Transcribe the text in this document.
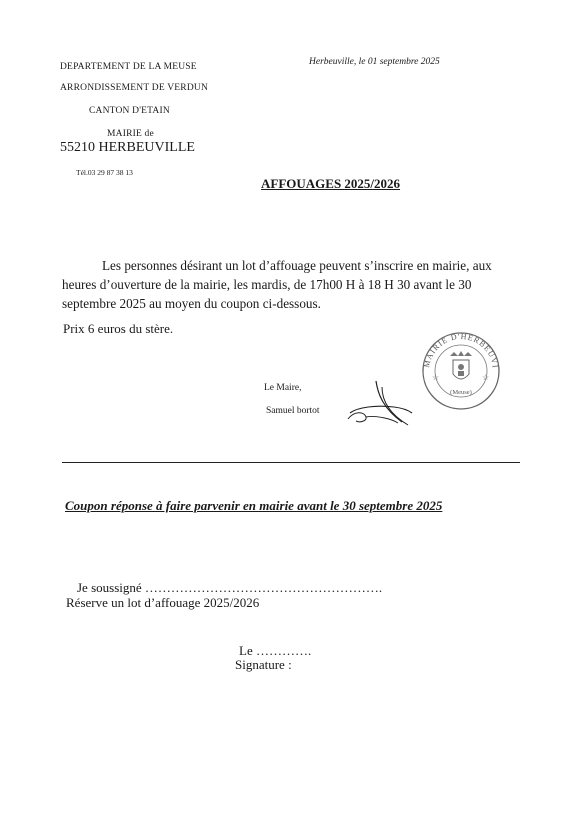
Herbeuville, le 01 septembre 2025
DEPARTEMENT DE LA MEUSE
ARRONDISSEMENT DE VERDUN
CANTON D'ETAIN
MAIRIE de
55210 HERBEUVILLE
Tél.03 29 87 38 13
AFFOUAGES 2025/2026
Les personnes désirant un lot d’affouage peuvent s’inscrire en mairie, aux heures d’ouverture de la mairie, les mardis, de 17h00 H à 18 H 30 avant le 30 septembre 2025 au moyen du coupon ci-dessous.
Prix 6 euros du stère.
MAIRIE D'HERBEUVI
(Meuse)
☆	☆
Le Maire,
Samuel bortot
Coupon réponse à faire parvenir en mairie avant le 30 septembre 2025
Je soussigné ……………………………………………….
Réserve un lot d’affouage 2025/2026
Le ………….
Signature :
